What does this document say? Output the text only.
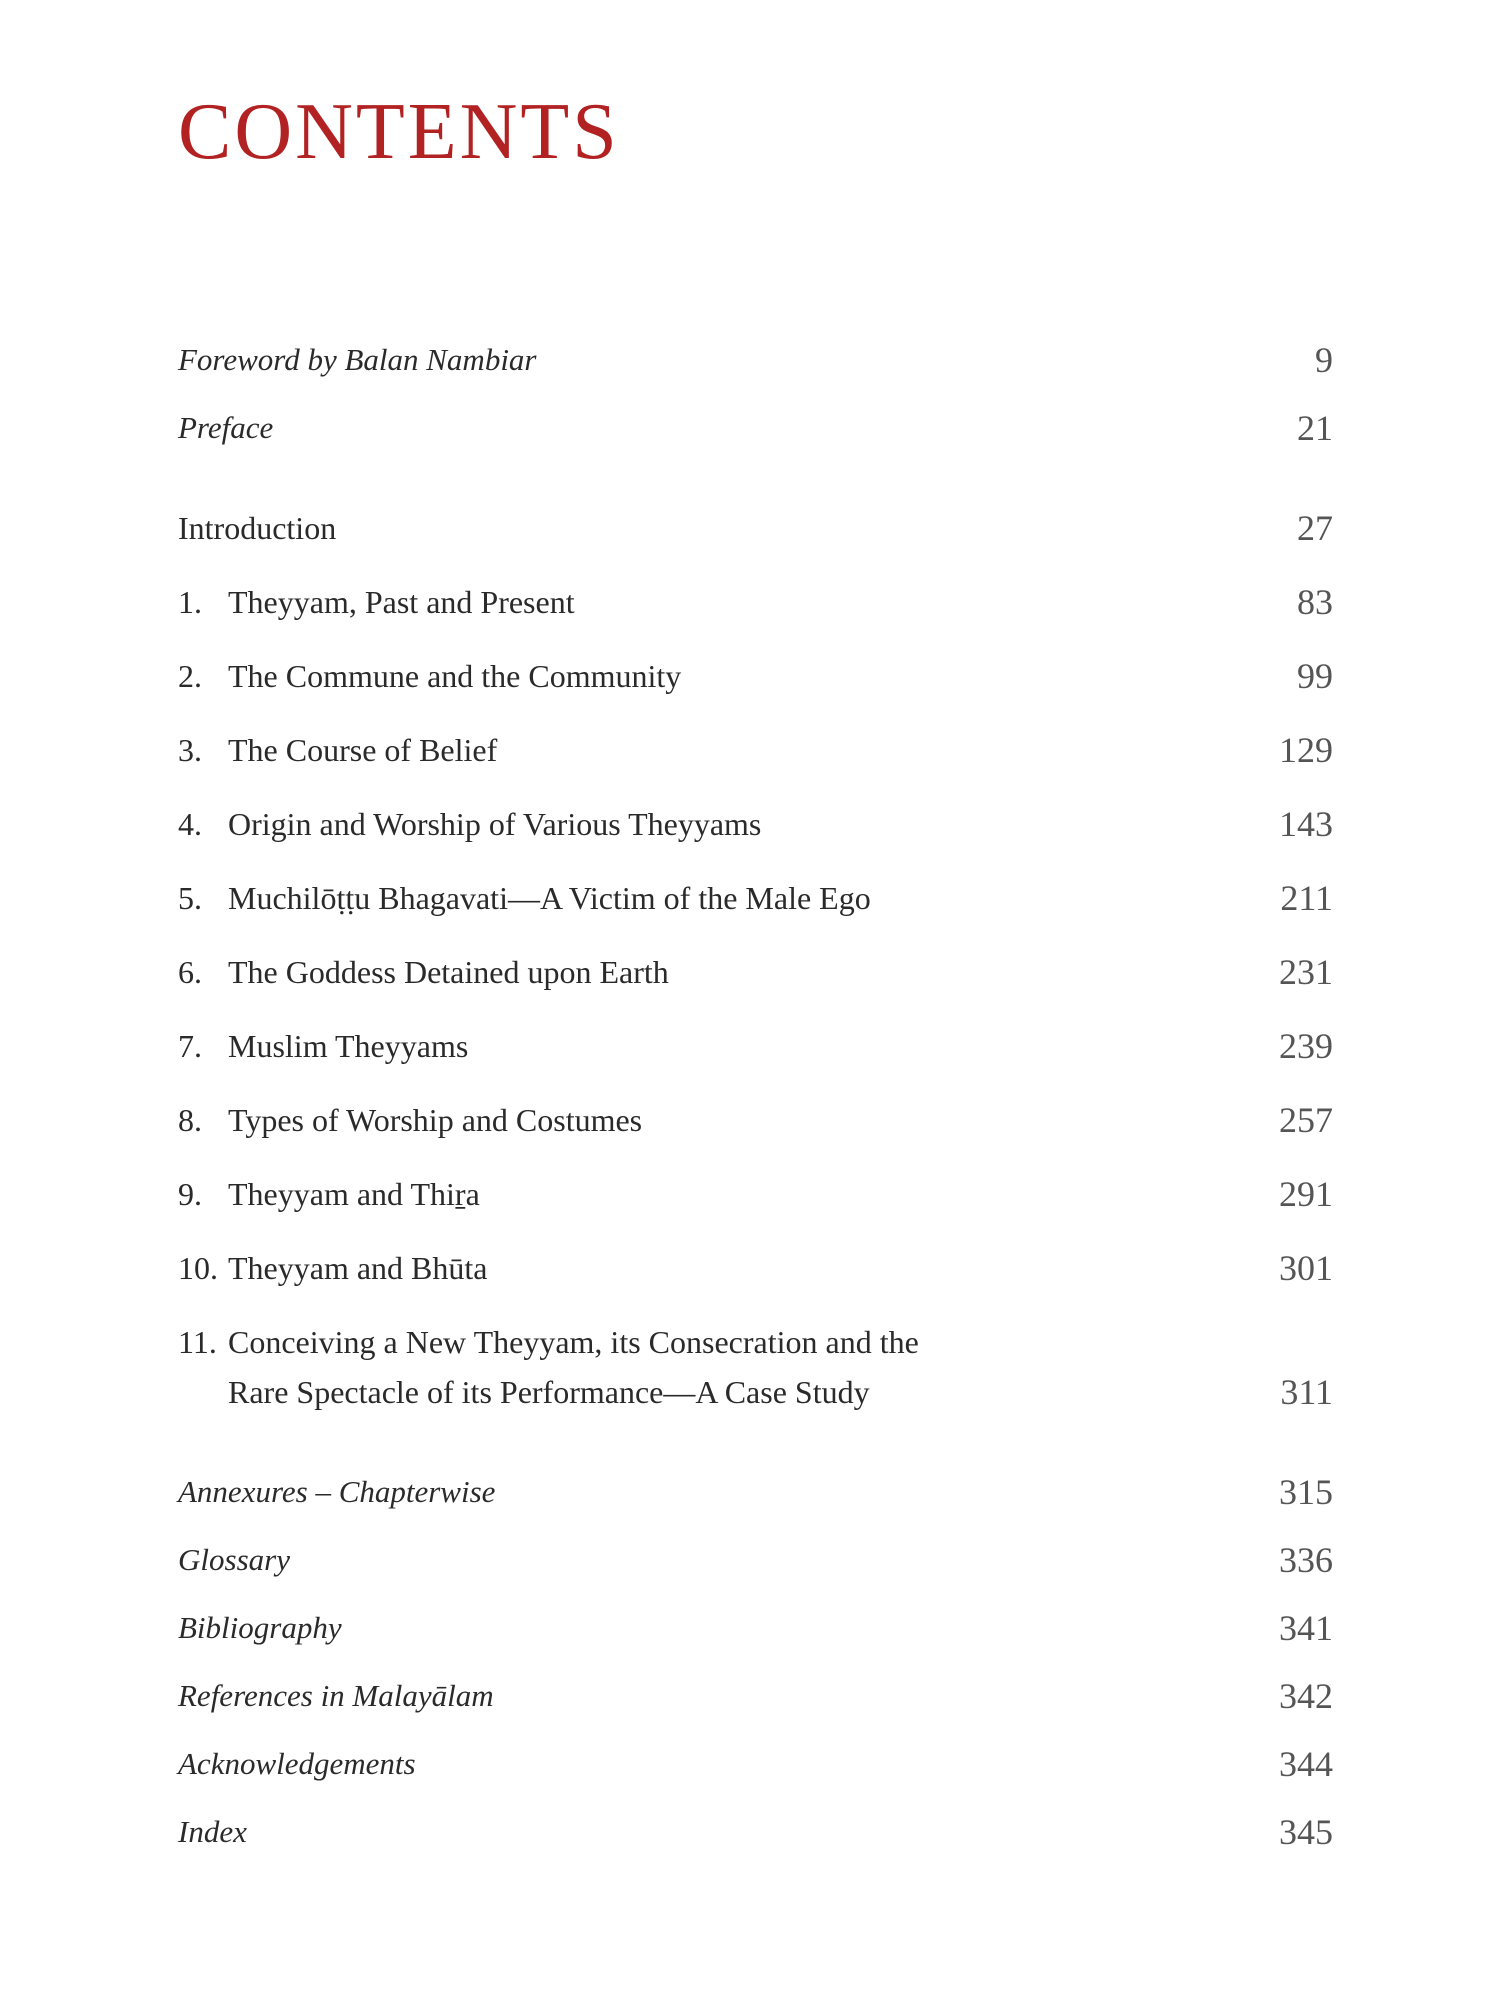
CONTENTS
Foreword by Balan Nambiar	9
Preface	21
Introduction	27
1. Theyyam, Past and Present	83
2. The Commune and the Community	99
3. The Course of Belief	129
4. Origin and Worship of Various Theyyams	143
5. Muchilōṭṭu Bhagavati—A Victim of the Male Ego	211
6. The Goddess Detained upon Earth	231
7. Muslim Theyyams	239
8. Types of Worship and Costumes	257
9. Theyyam and Thiṟa	291
10. Theyyam and Bhūta	301
11. Conceiving a New Theyyam, its Consecration and the
Rare Spectacle of its Performance—A Case Study	311
Annexures – Chapterwise	315
Glossary	336
Bibliography	341
References in Malayālam	342
Acknowledgements	344
Index	345
